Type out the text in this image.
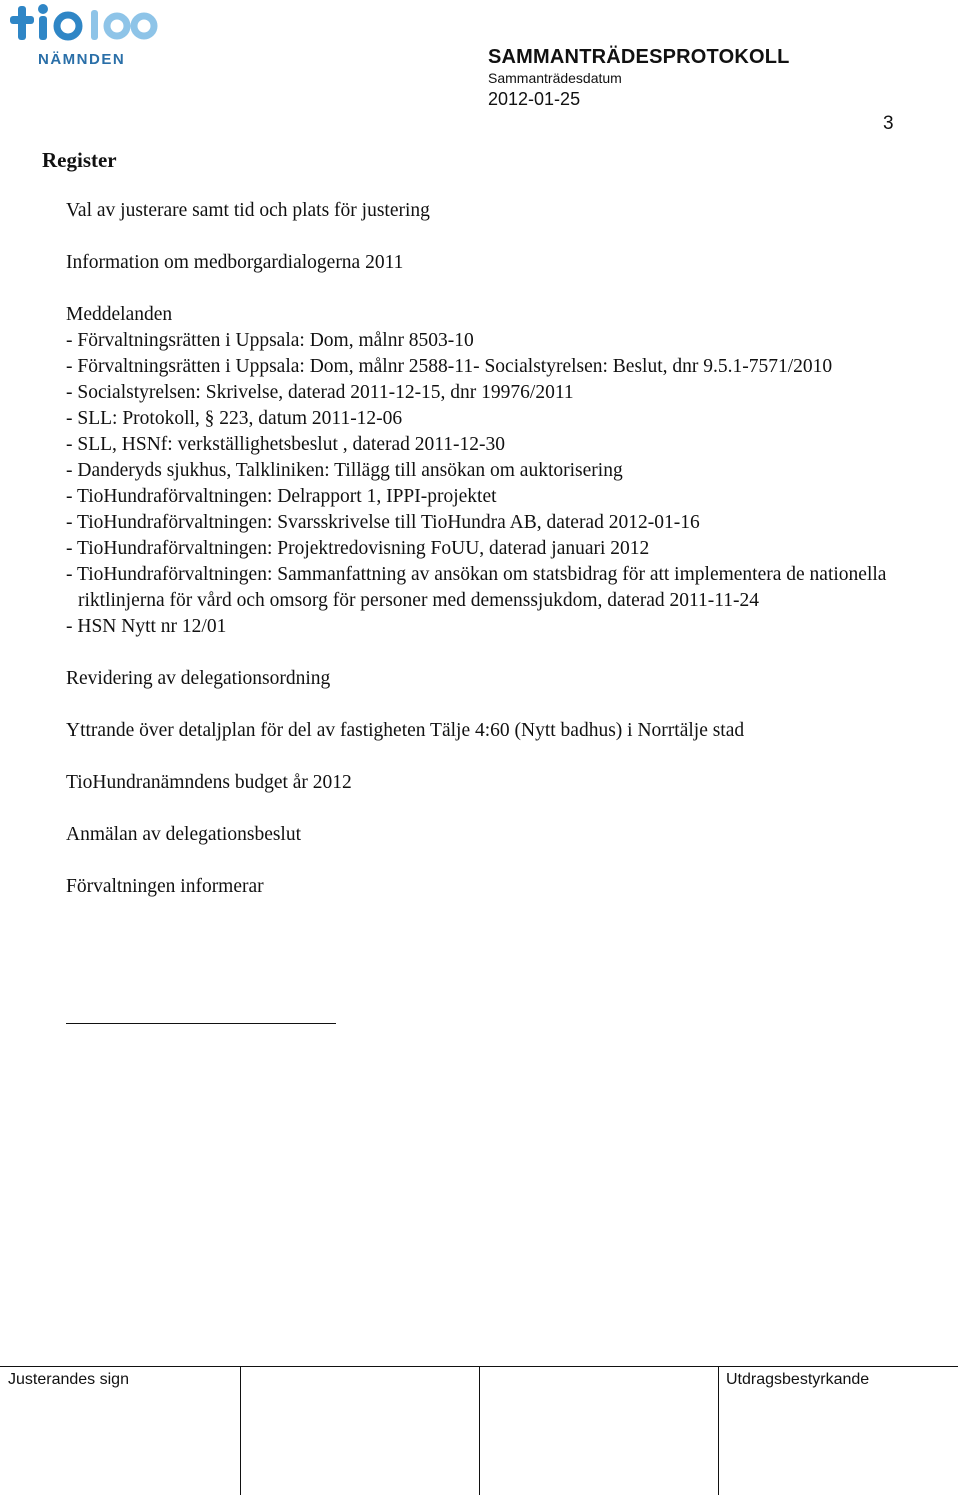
NÄMNDEN	SAMMANTRÄDESPROTOKOLL
Sammanträdesdatum
2012-01-25
3
Register
Val av justerare samt tid och plats för justering
Information om medborgardialogerna 2011
Meddelanden
- Förvaltningsrätten i Uppsala: Dom, målnr 8503-10
- Förvaltningsrätten i Uppsala: Dom, målnr 2588-11- Socialstyrelsen: Beslut, dnr 9.5.1-7571/2010
- Socialstyrelsen: Skrivelse, daterad 2011-12-15, dnr 19976/2011
- SLL: Protokoll, § 223, datum 2011-12-06
- SLL, HSNf: verkställighetsbeslut , daterad 2011-12-30
- Danderyds sjukhus, Talkliniken: Tillägg till ansökan om auktorisering
- TioHundraförvaltningen: Delrapport 1, IPPI-projektet
- TioHundraförvaltningen: Svarsskrivelse till TioHundra AB, daterad 2012-01-16
- TioHundraförvaltningen: Projektredovisning FoUU, daterad januari 2012
- TioHundraförvaltningen: Sammanfattning av ansökan om statsbidrag för att implementera de nationella riktlinjerna för vård och omsorg för personer med demenssjukdom, daterad 2011-11-24
- HSN Nytt nr 12/01
Revidering av delegationsordning
Yttrande över detaljplan för del av fastigheten Tälje 4:60 (Nytt badhus) i Norrtälje stad
TioHundranämndens budget år 2012
Anmälan av delegationsbeslut
Förvaltningen informerar
Justerandes sign	Utdragsbestyrkande
